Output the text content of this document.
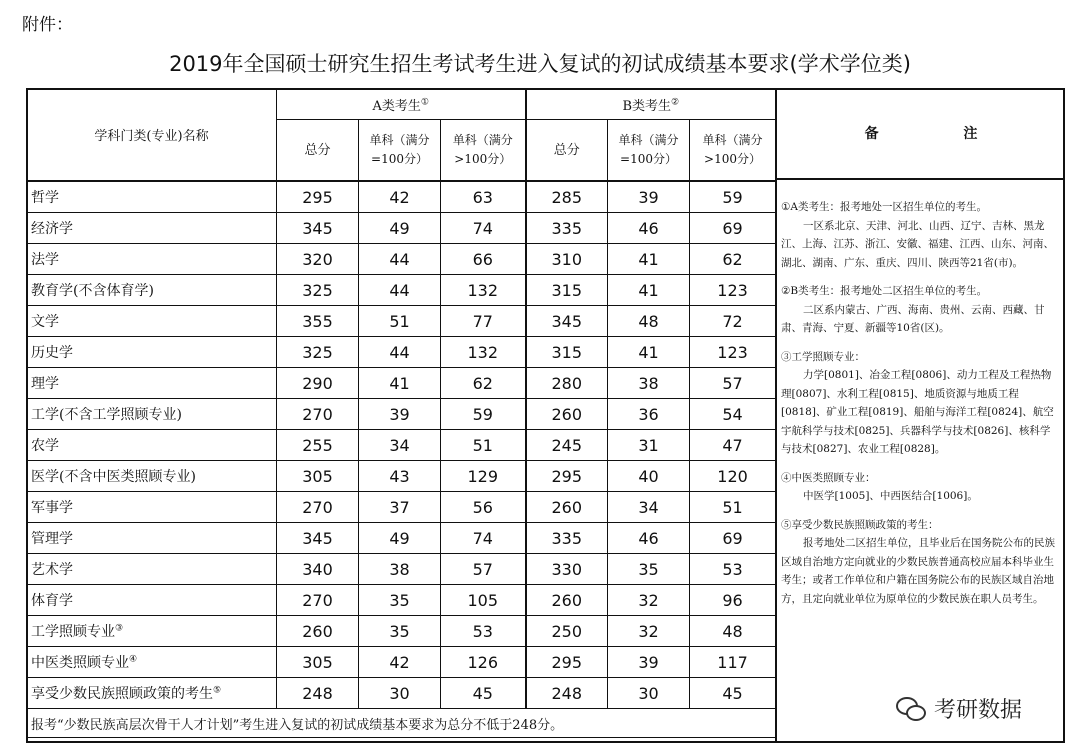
附件：
2019年全国硕士研究生招生考试考生进入复试的初试成绩基本要求(学术学位类)
学科门类(专业)名称	A类考生①			B类考生②
	总分	单科（满分
=100分）	单科（满分
>100分）	总分	单科（满分
=100分）	单科（满分
>100分）
哲学	295	42	63	285	39	59
经济学	345	49	74	335	46	69
法学	320	44	66	310	41	62
教育学(不含体育学)	325	44	132	315	41	123
文学	355	51	77	345	48	72
历史学	325	44	132	315	41	123
理学	290	41	62	280	38	57
工学(不含工学照顾专业)	270	39	59	260	36	54
农学	255	34	51	245	31	47
医学(不含中医类照顾专业)	305	43	129	295	40	120
军事学	270	37	56	260	34	51
管理学	345	49	74	335	46	69
艺术学	340	38	57	330	35	53
体育学	270	35	105	260	32	96
工学照顾专业③	260	35	53	250	32	48
中医类照顾专业④	305	42	126	295	39	117
享受少数民族照顾政策的考生⑤	248	30	45	248	30	45
报考“少数民族高层次骨干人才计划”考生进入复试的初试成绩基本要求为总分不低于248分。						
备 注

①A类考生：报考地处一区招生单位的考生。

一区系北京、天津、河北、山西、辽宁、吉林、黑龙江、上海、江苏、浙江、安徽、福建、江西、山东、河南、湖北、湖南、广东、重庆、四川、陕西等21省(市)。

②B类考生：报考地处二区招生单位的考生。

二区系内蒙古、广西、海南、贵州、云南、西藏、甘肃、青海、宁夏、新疆等10省(区)。

③工学照顾专业：

力学[0801]、冶金工程[0806]、动力工程及工程热物理[0807]、水利工程[0815]、地质资源与地质工程[0818]、矿业工程[0819]、船舶与海洋工程[0824]、航空宇航科学与技术[0825]、兵器科学与技术[0826]、核科学与技术[0827]、农业工程[0828]。

④中医类照顾专业：

中医学[1005]、中西医结合[1006]。

⑤享受少数民族照顾政策的考生：

报考地处二区招生单位，且毕业后在国务院公布的民族区域自治地方定向就业的少数民族普通高校应届本科毕业生考生；或者工作单位和户籍在国务院公布的民族区域自治地方，且定向就业单位为原单位的少数民族在职人员考生。

考研数据
